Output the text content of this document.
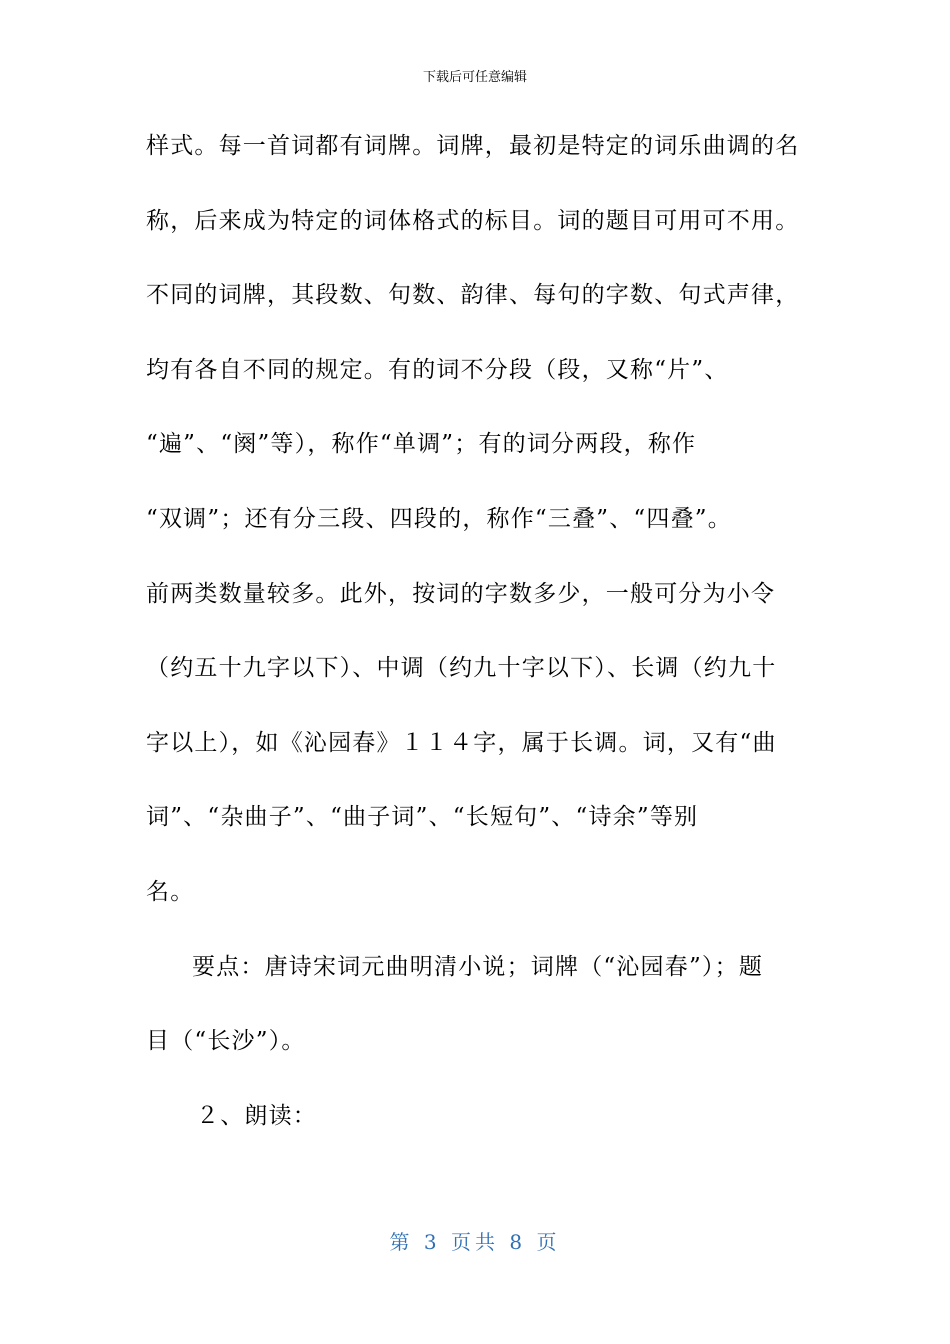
下载后可任意编辑
样式。每一首词都有词牌。词牌，最初是特定的词乐曲调的名
称，后来成为特定的词体格式的标目。词的题目可用可不用。
不同的词牌，其段数、句数、韵律、每句的字数、句式声律，
均有各自不同的规定。有的词不分段（段，又称“片”、
“遍”、“阕”等），称作“单调”；有的词分两段，称作
“双调”；还有分三段、四段的，称作“三叠”、“四叠”。
前两类数量较多。此外，按词的字数多少，一般可分为小令
（约五十九字以下）、中调（约九十字以下）、长调（约九十
字以上），如《沁园春》１１４字，属于长调。词，又有“曲
词”、“杂曲子”、“曲子词”、“长短句”、“诗余”等别
名。
要点：唐诗宋词元曲明清小说；词牌（“沁园春”）；题
目（“长沙”）。
２、朗读：
第 3 页共 8 页
